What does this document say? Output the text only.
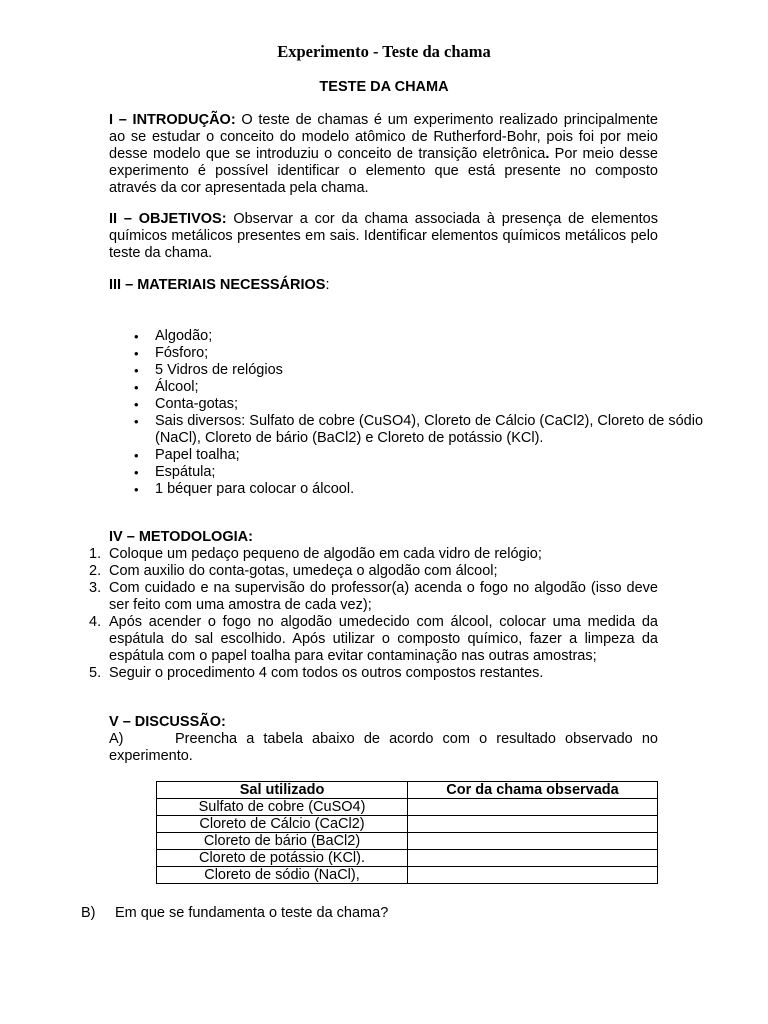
Experimento - Teste da chama
TESTE DA CHAMA
I – INTRODUÇÃO: O teste de chamas é um experimento realizado principalmente ao se estudar o conceito do modelo atômico de Rutherford-Bohr, pois foi por meio desse modelo que se introduziu o conceito de transição eletrônica. Por meio desse experimento é possível identificar o elemento que está presente no composto através da cor apresentada pela chama.
II – OBJETIVOS: Observar a cor da chama associada à presença de elementos químicos metálicos presentes em sais. Identificar elementos químicos metálicos pelo teste da chama.
III – MATERIAIS NECESSÁRIOS:
• Algodão;
• Fósforo;
• 5 Vidros de relógios
• Álcool;
• Conta-gotas;
• Sais diversos: Sulfato de cobre (CuSO4), Cloreto de Cálcio (CaCl2), Cloreto de sódio (NaCl), Cloreto de bário (BaCl2) e Cloreto de potássio (KCl).
• Papel toalha;
• Espátula;
• 1 béquer para colocar o álcool.
IV – METODOLOGIA:
1. Coloque um pedaço pequeno de algodão em cada vidro de relógio;
2. Com auxilio do conta-gotas, umedeça o algodão com álcool;
3. Com cuidado e na supervisão do professor(a) acenda o fogo no algodão (isso deve ser feito com uma amostra de cada vez);
4. Após acender o fogo no algodão umedecido com álcool, colocar uma medida da espátula do sal escolhido. Após utilizar o composto químico, fazer a limpeza da espátula com o papel toalha para evitar contaminação nas outras amostras;
5. Seguir o procedimento 4 com todos os outros compostos restantes.
V – DISCUSSÃO:
A)	Preencha a tabela abaixo de acordo com o resultado observado no experimento.
Sal utilizado	Cor da chama observada
Sulfato de cobre (CuSO4)	
Cloreto de Cálcio (CaCl2)	
Cloreto de bário (BaCl2)	
Cloreto de potássio (KCl).	
Cloreto de sódio (NaCl),	
B) Em que se fundamenta o teste da chama?
